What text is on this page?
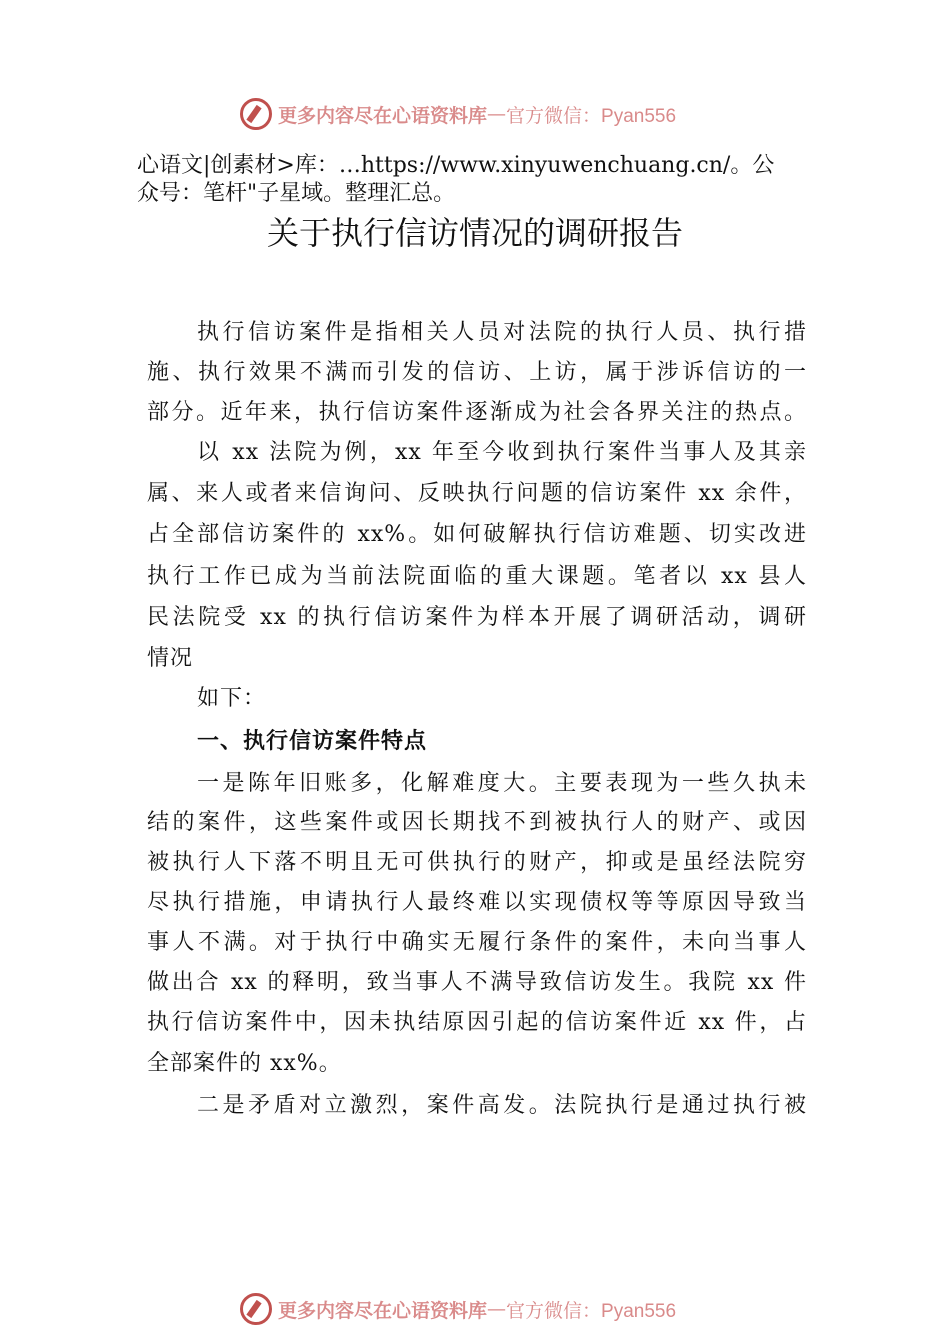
更多内容尽在心语资料库 — 官方微信：Pyan556
心语文|创素材>库：…https://www.xinyuwenchuang.cn/。公
众号：笔杆"子星域。整理汇总。
关于执行信访情况的调研报告
执行信访案件是指相关人员对法院的执行人员、执行措
施、执行效果不满而引发的信访、上访，属于涉诉信访的一
部分。近年来，执行信访案件逐渐成为社会各界关注的热点。
以 xx 法院为例，xx 年至今收到执行案件当事人及其亲
属、来人或者来信询问、反映执行问题的信访案件 xx 余件，
占全部信访案件的 xx%。如何破解执行信访难题、切实改进
执行工作已成为当前法院面临的重大课题。笔者以 xx 县人
民法院受 xx 的执行信访案件为样本开展了调研活动，调研
情况
如下：
一、执行信访案件特点
一是陈年旧账多，化解难度大。主要表现为一些久执未
结的案件，这些案件或因长期找不到被执行人的财产、或因
被执行人下落不明且无可供执行的财产，抑或是虽经法院穷
尽执行措施，申请执行人最终难以实现债权等等原因导致当
事人不满。对于执行中确实无履行条件的案件，未向当事人
做出合 xx 的释明，致当事人不满导致信访发生。我院 xx 件
执行信访案件中，因未执结原因引起的信访案件近 xx 件，占
全部案件的 xx%。
二是矛盾对立激烈，案件高发。法院执行是通过执行被
更多内容尽在心语资料库 — 官方微信：Pyan556
